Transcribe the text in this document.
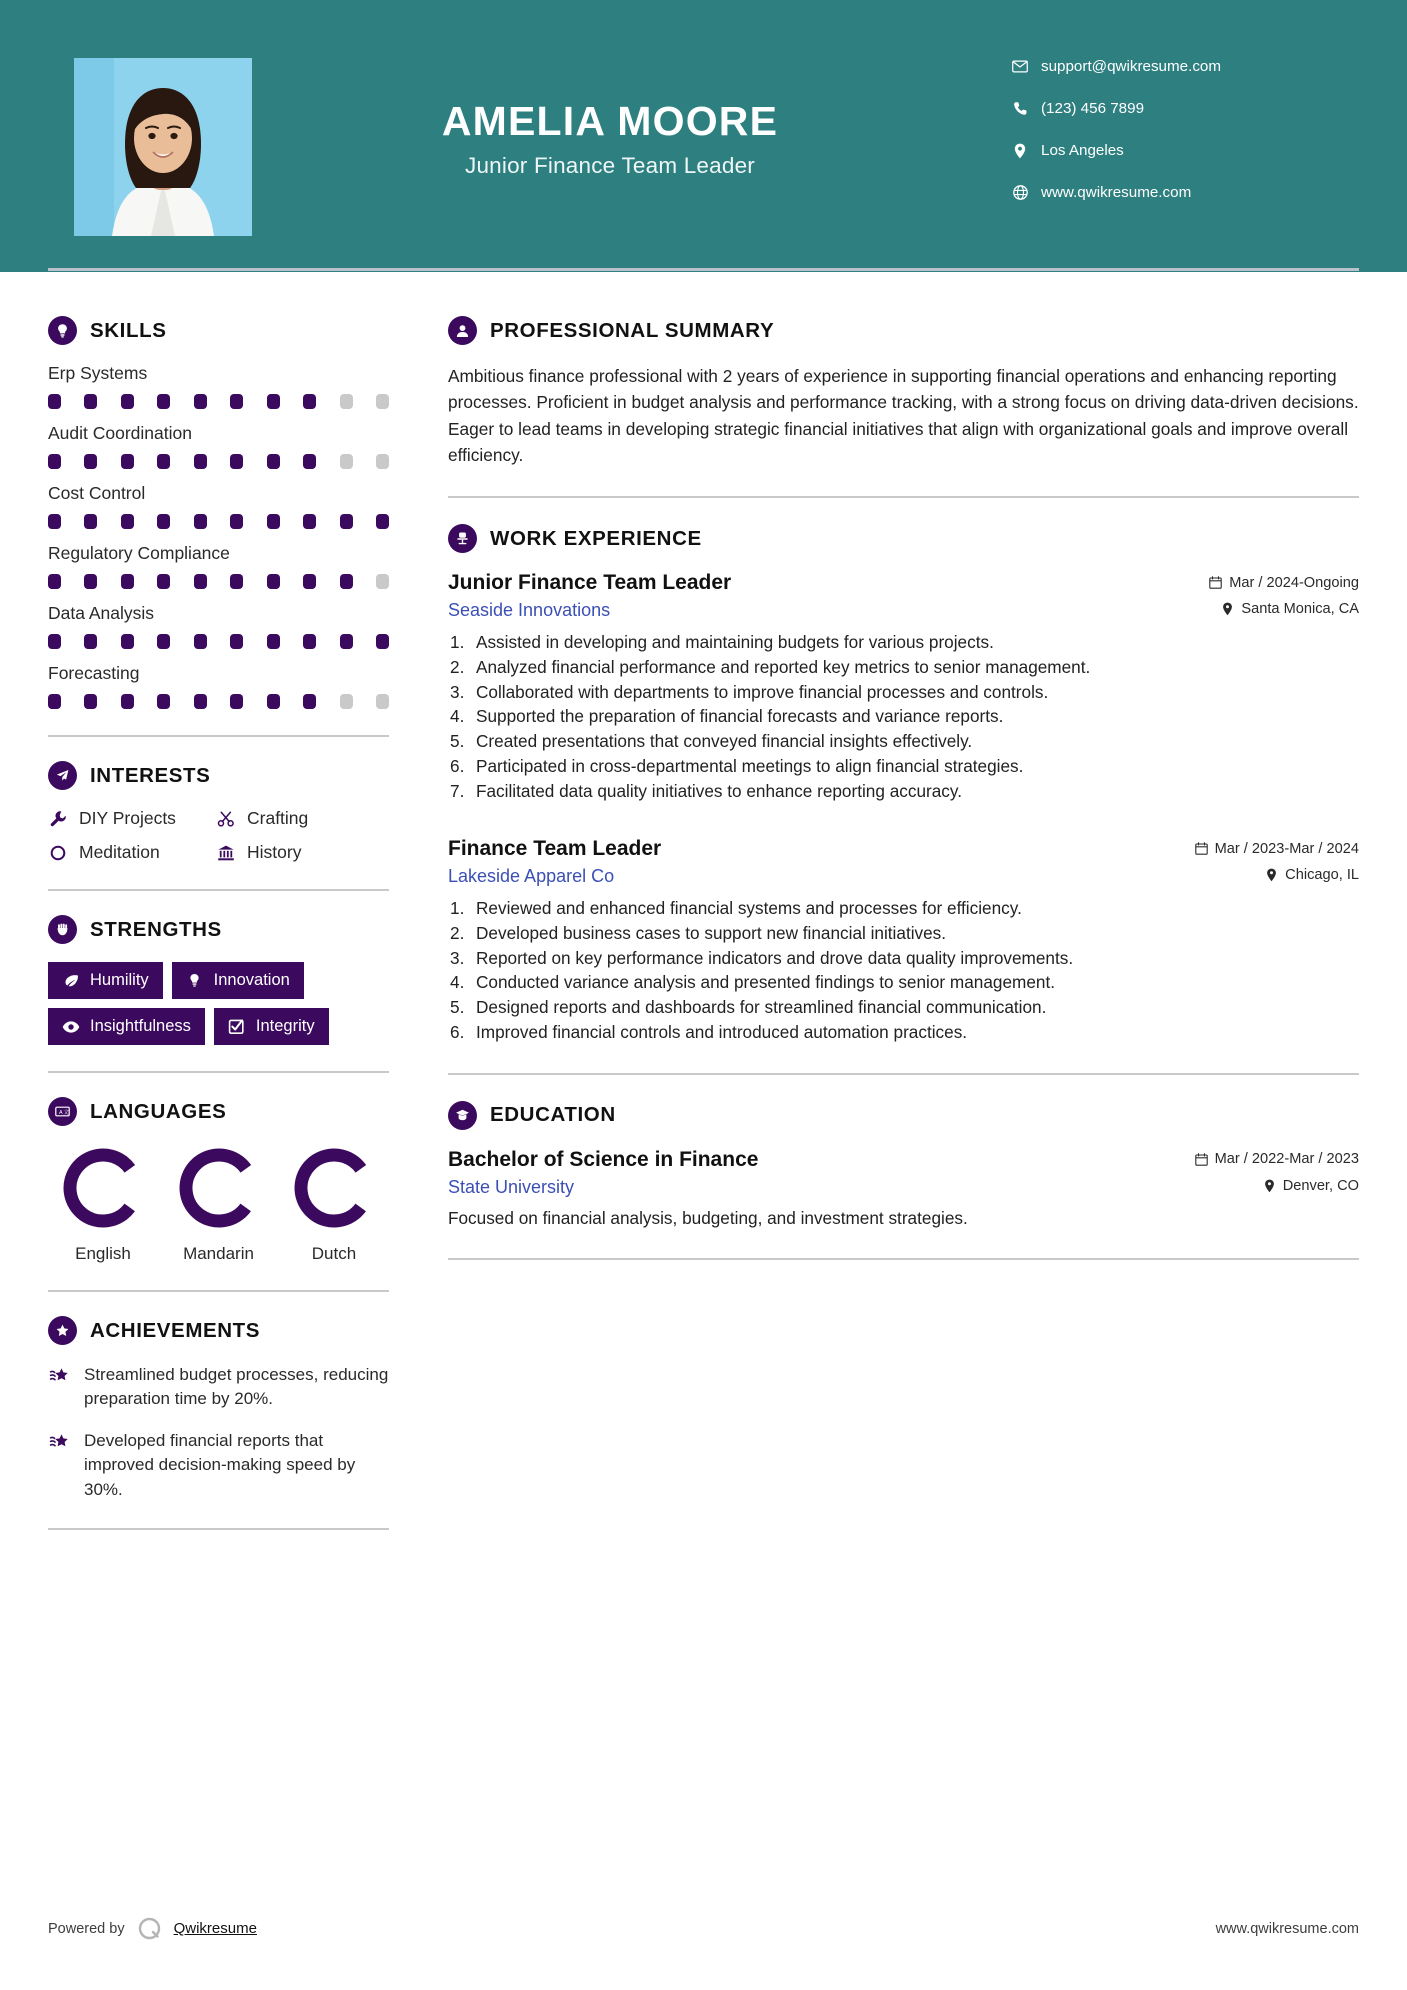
AMELIA MOORE
Junior Finance Team Leader
support@qwikresume.com
(123) 456 7899
Los Angeles
www.qwikresume.com
SKILLS
Erp Systems
Audit Coordination
Cost Control
Regulatory Compliance
Data Analysis
Forecasting
INTERESTS
DIY Projects	Crafting
Meditation	History
STRENGTHS
Humility	Innovation
Insightfulness	Integrity
A 文 LANGUAGES
English	Mandarin	Dutch
ACHIEVEMENTS
Streamlined budget processes, reducing preparation time by 20%.
Developed financial reports that improved decision-making speed by 30%.
PROFESSIONAL SUMMARY
Ambitious finance professional with 2 years of experience in supporting financial operations and enhancing reporting processes. Proficient in budget analysis and performance tracking, with a strong focus on driving data-driven decisions. Eager to lead teams in developing strategic financial initiatives that align with organizational goals and improve overall efficiency.
WORK EXPERIENCE
Junior Finance Team Leader	Mar / 2024-Ongoing
Seaside Innovations	Santa Monica, CA
Assisted in developing and maintaining budgets for various projects.
Analyzed financial performance and reported key metrics to senior management.
Collaborated with departments to improve financial processes and controls.
Supported the preparation of financial forecasts and variance reports.
Created presentations that conveyed financial insights effectively.
Participated in cross-departmental meetings to align financial strategies.
Facilitated data quality initiatives to enhance reporting accuracy.
Finance Team Leader	Mar / 2023-Mar / 2024
Lakeside Apparel Co	Chicago, IL
Reviewed and enhanced financial systems and processes for efficiency.
Developed business cases to support new financial initiatives.
Reported on key performance indicators and drove data quality improvements.
Conducted variance analysis and presented findings to senior management.
Designed reports and dashboards for streamlined financial communication.
Improved financial controls and introduced automation practices.
EDUCATION
Bachelor of Science in Finance	Mar / 2022-Mar / 2023
State University	Denver, CO
Focused on financial analysis, budgeting, and investment strategies.
Powered by	Qwikresume	www.qwikresume.com
